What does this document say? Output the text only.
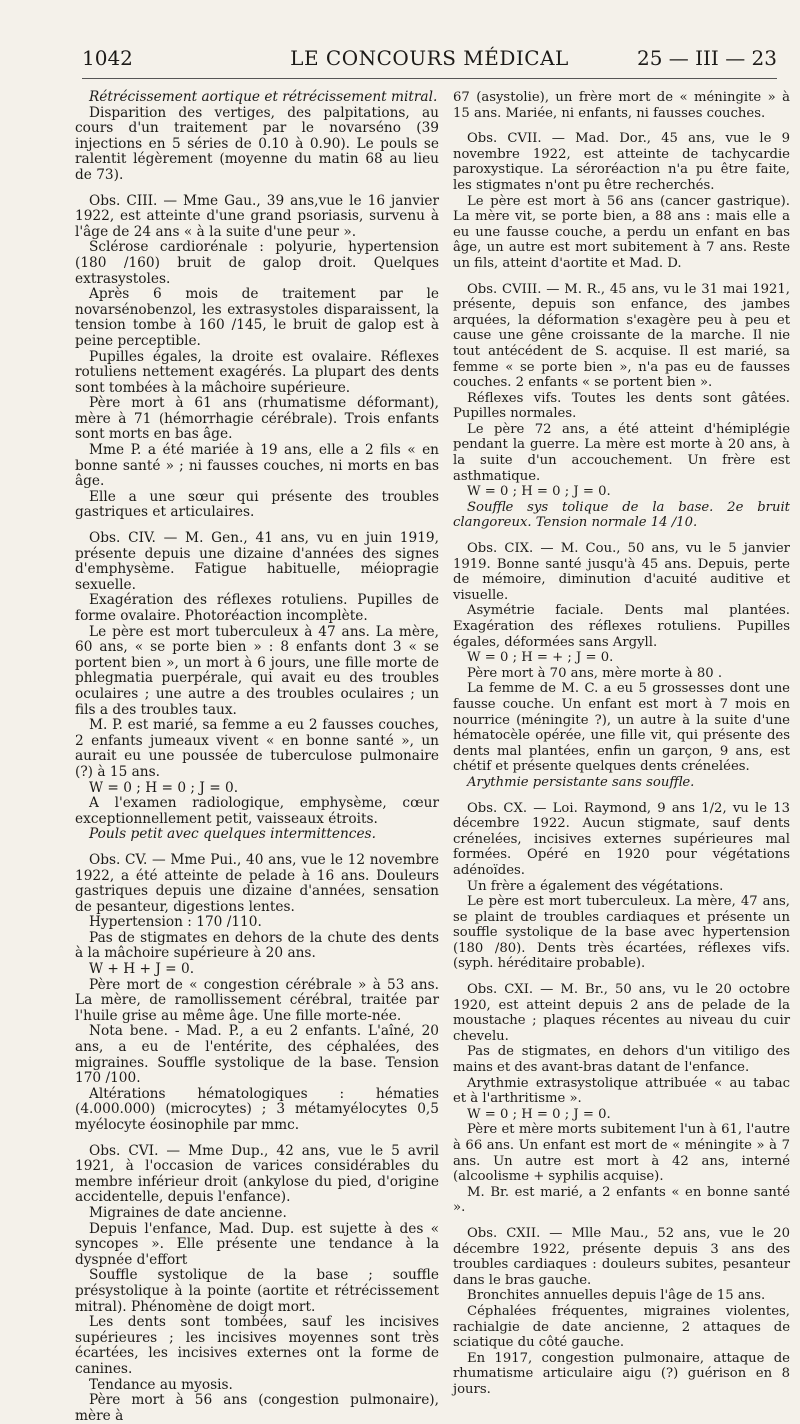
1042	LE CONCOURS MÉDICAL	25 — III — 23

Rétrécissement aortique et rétrécissement mitral.

Disparition des vertiges, des palpitations, au cours d'un traitement par le novarséno (39 injections en 5 séries de 0.10 à 0.90). Le pouls se ralentit légèrement (moyenne du matin 68 au lieu de 73).

Obs. CIII. — Mme Gau., 39 ans,vue le 16 janvier 1922, est atteinte d'une grand psoriasis, survenu à l'âge de 24 ans « à la suite d'une peur ».

Sclérose cardiorénale : polyurie, hypertension (180 /160) bruit de galop droit. Quelques extrasystoles.

Après 6 mois de traitement par le novarsénobenzol, les extrasystoles disparaissent, la tension tombe à 160 /145, le bruit de galop est à peine perceptible.

Pupilles égales, la droite est ovalaire. Réflexes rotuliens nettement exagérés. La plupart des dents sont tombées à la mâchoire supérieure.

Père mort à 61 ans (rhumatisme déformant), mère à 71 (hémorrhagie cérébrale). Trois enfants sont morts en bas âge.

Mme P. a été mariée à 19 ans, elle a 2 fils « en bonne santé » ; ni fausses couches, ni morts en bas âge.

Elle a une sœur qui présente des troubles gastriques et articulaires.

Obs. CIV. — M. Gen., 41 ans, vu en juin 1919, présente depuis une dizaine d'années des signes d'emphysème. Fatigue habituelle, méiopragie sexuelle.

Exagération des réflexes rotuliens. Pupilles de forme ovalaire. Photoréaction incomplète.

Le père est mort tuberculeux à 47 ans. La mère, 60 ans, « se porte bien » : 8 enfants dont 3 « se portent bien », un mort à 6 jours, une fille morte de phlegmatia puerpérale, qui avait eu des troubles oculaires ; une autre a des troubles oculaires ; un fils a des troubles taux.

M. P. est marié, sa femme a eu 2 fausses couches, 2 enfants jumeaux vivent « en bonne santé », un aurait eu une poussée de tuberculose pulmonaire (?) à 15 ans.

W = 0 ; H = 0 ; J = 0.

A l'examen radiologique, emphysème, cœur exceptionnellement petit, vaisseaux étroits.

Pouls petit avec quelques intermittences.

Obs. CV. — Mme Pui., 40 ans, vue le 12 novembre 1922, a été atteinte de pelade à 16 ans. Douleurs gastriques depuis une dizaine d'années, sensation de pesanteur, digestions lentes.

Hypertension : 170 /110.

Pas de stigmates en dehors de la chute des dents à la mâchoire supérieure à 20 ans.

W + H + J = 0.

Père mort de « congestion cérébrale » à 53 ans. La mère, de ramollissement cérébral, traitée par l'huile grise au même âge. Une fille morte-née.

Nota bene. - Mad. P., a eu 2 enfants. L'aîné, 20 ans, a eu de l'entérite, des céphalées, des migraines. Souffle systolique de la base. Tension 170 /100.

Altérations hématologiques : hématies (4.000.000) (microcytes) ; 3 métamyélocytes 0,5 myélocyte éosinophile par mmc.

Obs. CVI. — Mme Dup., 42 ans, vue le 5 avril 1921, à l'occasion de varices considérables du membre inférieur droit (ankylose du pied, d'origine accidentelle, depuis l'enfance).

Migraines de date ancienne.

Depuis l'enfance, Mad. Dup. est sujette à des « syncopes ». Elle présente une tendance à la dyspnée d'effort

Souffle systolique de la base ; souffle présystolique à la pointe (aortite et rétrécissement mitral). Phénomène de doigt mort.

Les dents sont tombées, sauf les incisives supérieures ; les incisives moyennes sont très écartées, les incisives externes ont la forme de canines.

Tendance au myosis.

Père mort à 56 ans (congestion pulmonaire), mère à

67 (asystolie), un frère mort de « méningite » à 15 ans. Mariée, ni enfants, ni fausses couches.

Obs. CVII. — Mad. Dor., 45 ans, vue le 9 novembre 1922, est atteinte de tachycardie paroxystique. La séroréaction n'a pu être faite, les stigmates n'ont pu être recherchés.

Le père est mort à 56 ans (cancer gastrique). La mère vit, se porte bien, a 88 ans : mais elle a eu une fausse couche, a perdu un enfant en bas âge, un autre est mort subitement à 7 ans. Reste un fils, atteint d'aortite et Mad. D.

Obs. CVIII. — M. R., 45 ans, vu le 31 mai 1921, présente, depuis son enfance, des jambes arquées, la déformation s'exagère peu à peu et cause une gêne croissante de la marche. Il nie tout antécédent de S. acquise. Il est marié, sa femme « se porte bien », n'a pas eu de fausses couches. 2 enfants « se portent bien ».

Réflexes vifs. Toutes les dents sont gâtées. Pupilles normales.

Le père 72 ans, a été atteint d'hémiplégie pendant la guerre. La mère est morte à 20 ans, à la suite d'un accouchement. Un frère est asthmatique.

W = 0 ; H = 0 ; J = 0.

Souffle sys tolique de la base. 2e bruit clangoreux. Tension normale 14 /10.

Obs. CIX. — M. Cou., 50 ans, vu le 5 janvier 1919. Bonne santé jusqu'à 45 ans. Depuis, perte de mémoire, diminution d'acuité auditive et visuelle.

Asymétrie faciale. Dents mal plantées. Exagération des réflexes rotuliens. Pupilles égales, déformées sans Argyll.

W = 0 ; H = + ; J = 0.

Père mort à 70 ans, mère morte à 80 .

La femme de M. C. a eu 5 grossesses dont une fausse couche. Un enfant est mort à 7 mois en nourrice (méningite ?), un autre à la suite d'une hématocèle opérée, une fille vit, qui présente des dents mal plantées, enfin un garçon, 9 ans, est chétif et présente quelques dents crénelées.

Arythmie persistante sans souffle.

Obs. CX. — Loi. Raymond, 9 ans 1/2, vu le 13 décembre 1922. Aucun stigmate, sauf dents crénelées, incisives externes supérieures mal formées. Opéré en 1920 pour végétations adénoïdes.

Un frère a également des végétations.

Le père est mort tuberculeux. La mère, 47 ans, se plaint de troubles cardiaques et présente un souffle systolique de la base avec hypertension (180 /80). Dents très écartées, réflexes vifs. (syph. héréditaire probable).

Obs. CXI. — M. Br., 50 ans, vu le 20 octobre 1920, est atteint depuis 2 ans de pelade de la moustache ; plaques récentes au niveau du cuir chevelu.

Pas de stigmates, en dehors d'un vitiligo des mains et des avant-bras datant de l'enfance.

Arythmie extrasystolique attribuée « au tabac et à l'arthritisme ».

W = 0 ; H = 0 ; J = 0.

Père et mère morts subitement l'un à 61, l'autre à 66 ans. Un enfant est mort de « méningite » à 7 ans. Un autre est mort à 42 ans, interné (alcoolisme + syphilis acquise).

M. Br. est marié, a 2 enfants « en bonne santé ».

Obs. CXII. — Mlle Mau., 52 ans, vue le 20 décembre 1922, présente depuis 3 ans des troubles cardiaques : douleurs subites, pesanteur dans le bras gauche.

Bronchites annuelles depuis l'âge de 15 ans.

Céphalées fréquentes, migraines violentes, rachialgie de date ancienne, 2 attaques de sciatique du côté gauche.

En 1917, congestion pulmonaire, attaque de rhumatisme articulaire aigu (?) guérison en 8 jours.
